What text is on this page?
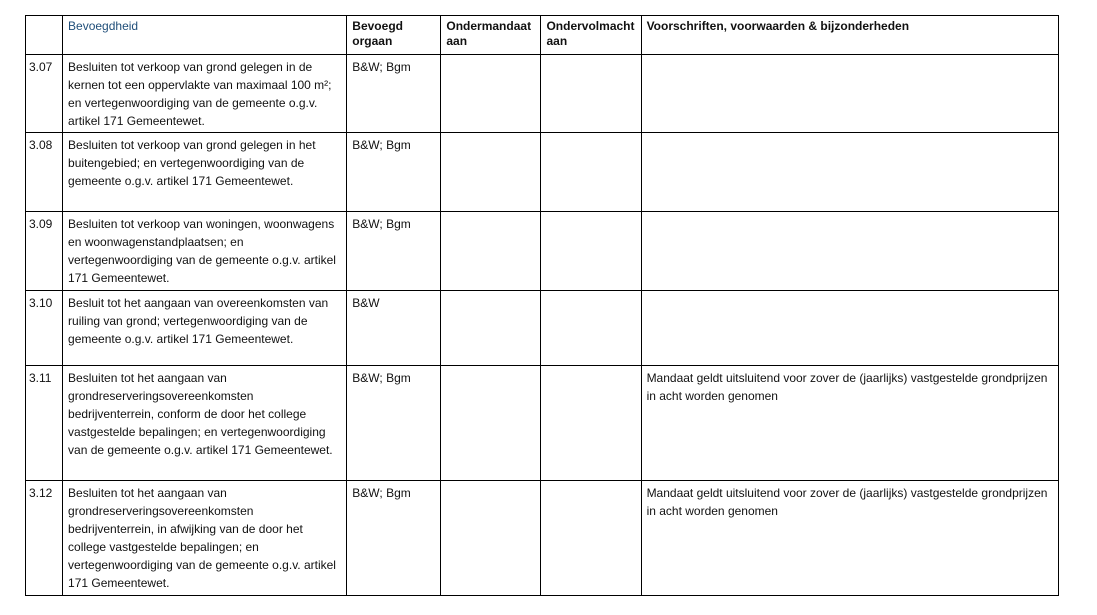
	Bevoegdheid	Bevoegd orgaan	Ondermandaat aan	Ondervolmacht aan	Voorschriften, voorwaarden & bijzonderheden
3.07	Besluiten tot verkoop van grond gelegen in de kernen tot een oppervlakte van maximaal 100 m²; en vertegenwoordiging van de gemeente o.g.v. artikel 171 Gemeentewet.	B&W; Bgm			
3.08	Besluiten tot verkoop van grond gelegen in het buitengebied; en vertegenwoordiging van de gemeente o.g.v. artikel 171 Gemeentewet.	B&W; Bgm			
3.09	Besluiten tot verkoop van woningen, woonwagens en woonwagenstandplaatsen; en vertegenwoordiging van de gemeente o.g.v. artikel 171 Gemeentewet.	B&W; Bgm			
3.10	Besluit tot het aangaan van overeenkomsten van ruiling van grond; vertegenwoordiging van de gemeente o.g.v. artikel 171 Gemeentewet.	B&W			
3.11	Besluiten tot het aangaan van grondreserveringsovereenkomsten bedrijventerrein, conform de door het college vastgestelde bepalingen; en vertegenwoordiging van de gemeente o.g.v. artikel 171 Gemeentewet.	B&W; Bgm			Mandaat geldt uitsluitend voor zover de (jaarlijks) vastgestelde grondprijzen in acht worden genomen
3.12	Besluiten tot het aangaan van grondreserveringsovereenkomsten bedrijventerrein, in afwijking van de door het college vastgestelde bepalingen; en vertegenwoordiging van de gemeente o.g.v. artikel 171 Gemeentewet.	B&W; Bgm			Mandaat geldt uitsluitend voor zover de (jaarlijks) vastgestelde grondprijzen in acht worden genomen
